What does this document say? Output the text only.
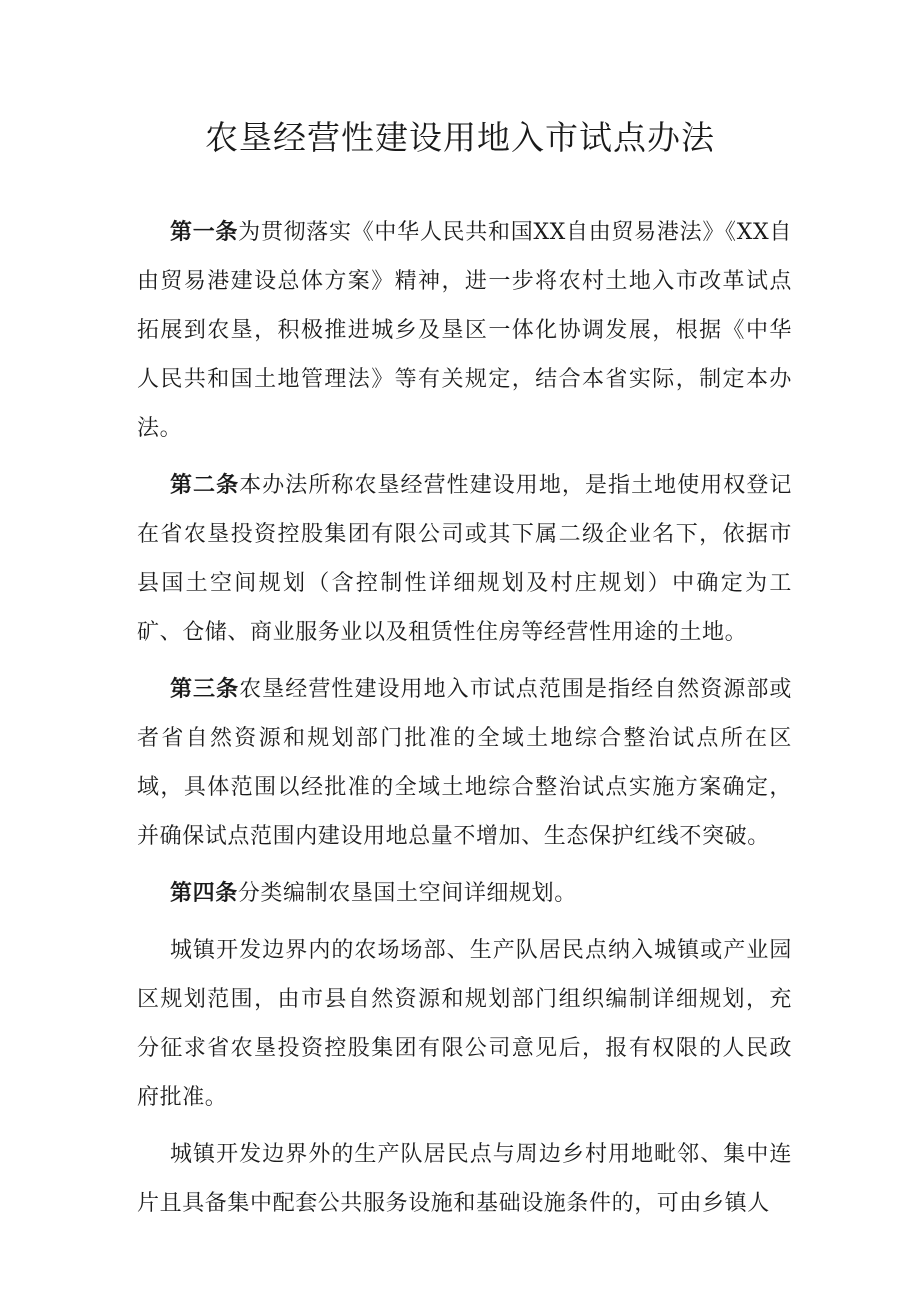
农垦经营性建设用地入市试点办法

第一条为贯彻落实《中华人民共和国XX自由贸易港法》《XX自由贸易港建设总体方案》精神，进一步将农村土地入市改革试点拓展到农垦，积极推进城乡及垦区一体化协调发展，根据《中华人民共和国土地管理法》等有关规定，结合本省实际，制定本办法。

第二条本办法所称农垦经营性建设用地，是指土地使用权登记在省农垦投资控股集团有限公司或其下属二级企业名下，依据市县国土空间规划（含控制性详细规划及村庄规划）中确定为工矿、仓储、商业服务业以及租赁性住房等经营性用途的土地。

第三条农垦经营性建设用地入市试点范围是指经自然资源部或者省自然资源和规划部门批准的全域土地综合整治试点所在区域，具体范围以经批准的全域土地综合整治试点实施方案确定，并确保试点范围内建设用地总量不增加、生态保护红线不突破。

第四条分类编制农垦国土空间详细规划。

城镇开发边界内的农场场部、生产队居民点纳入城镇或产业园区规划范围，由市县自然资源和规划部门组织编制详细规划，充分征求省农垦投资控股集团有限公司意见后，报有权限的人民政府批准。

城镇开发边界外的生产队居民点与周边乡村用地毗邻、集中连片且具备集中配套公共服务设施和基础设施条件的，可由乡镇人
